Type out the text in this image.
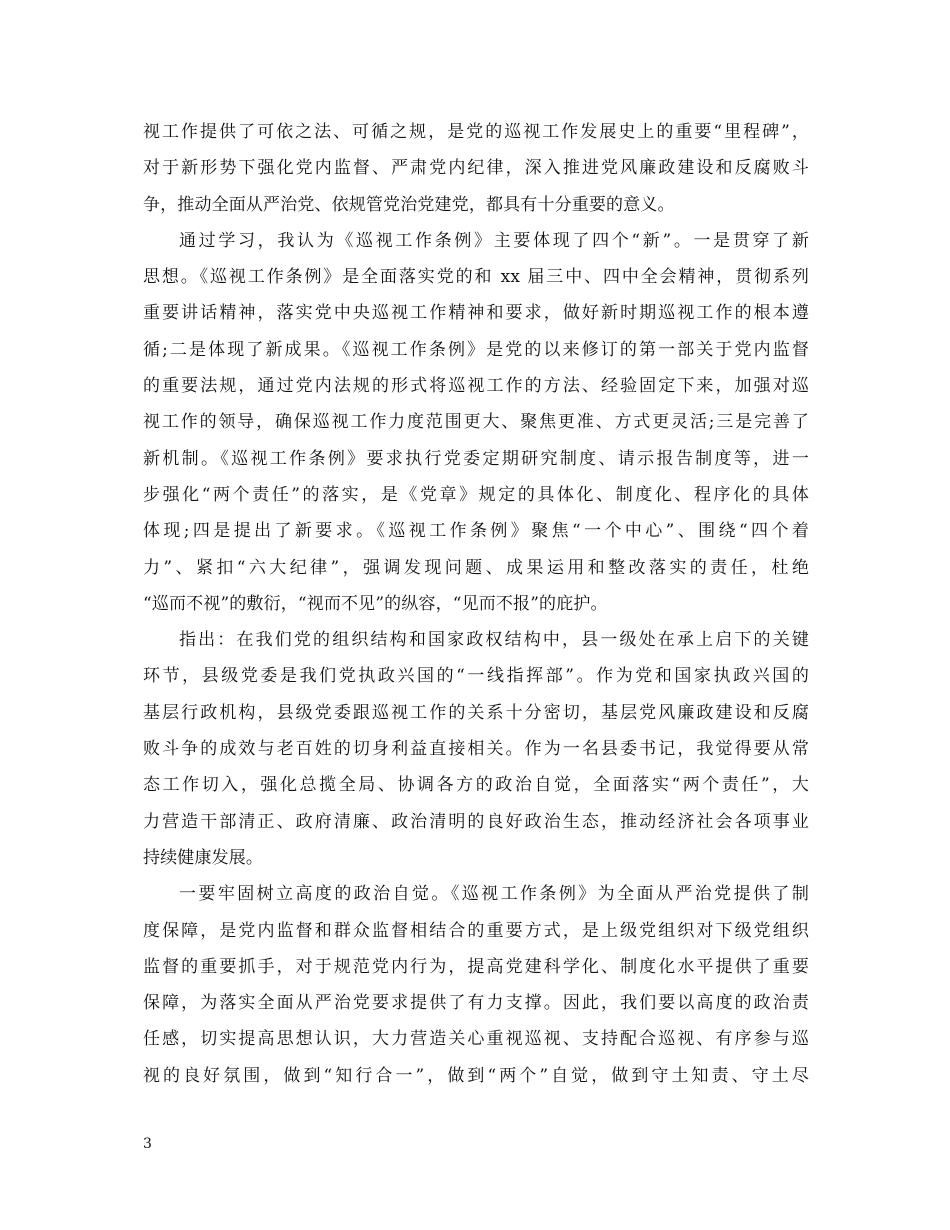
视工作提供了可依之法、可循之规，是党的巡视工作发展史上的重要“里程碑”，
对于新形势下强化党内监督、严肃党内纪律，深入推进党风廉政建设和反腐败斗
争，推动全面从严治党、依规管党治党建党，都具有十分重要的意义。
通过学习，我认为《巡视工作条例》主要体现了四个“新”。一是贯穿了新
思想。《巡视工作条例》是全面落实党的和 xx 届三中、四中全会精神，贯彻系列
重要讲话精神，落实党中央巡视工作精神和要求，做好新时期巡视工作的根本遵
循;二是体现了新成果。《巡视工作条例》是党的以来修订的第一部关于党内监督
的重要法规，通过党内法规的形式将巡视工作的方法、经验固定下来，加强对巡
视工作的领导，确保巡视工作力度范围更大、聚焦更准、方式更灵活;三是完善了
新机制。《巡视工作条例》要求执行党委定期研究制度、请示报告制度等，进一
步强化“两个责任”的落实，是《党章》规定的具体化、制度化、程序化的具体
体现;四是提出了新要求。《巡视工作条例》聚焦“一个中心”、围绕“四个着
力”、紧扣“六大纪律”，强调发现问题、成果运用和整改落实的责任，杜绝
“巡而不视”的敷衍，“视而不见”的纵容，“见而不报”的庇护。
指出：在我们党的组织结构和国家政权结构中，县一级处在承上启下的关键
环节，县级党委是我们党执政兴国的“一线指挥部”。作为党和国家执政兴国的
基层行政机构，县级党委跟巡视工作的关系十分密切，基层党风廉政建设和反腐
败斗争的成效与老百姓的切身利益直接相关。作为一名县委书记，我觉得要从常
态工作切入，强化总揽全局、协调各方的政治自觉，全面落实“两个责任”，大
力营造干部清正、政府清廉、政治清明的良好政治生态，推动经济社会各项事业
持续健康发展。
一要牢固树立高度的政治自觉。《巡视工作条例》为全面从严治党提供了制
度保障，是党内监督和群众监督相结合的重要方式，是上级党组织对下级党组织
监督的重要抓手，对于规范党内行为，提高党建科学化、制度化水平提供了重要
保障，为落实全面从严治党要求提供了有力支撑。因此，我们要以高度的政治责
任感，切实提高思想认识，大力营造关心重视巡视、支持配合巡视、有序参与巡
视的良好氛围，做到“知行合一”，做到“两个”自觉，做到守土知责、守土尽
3
